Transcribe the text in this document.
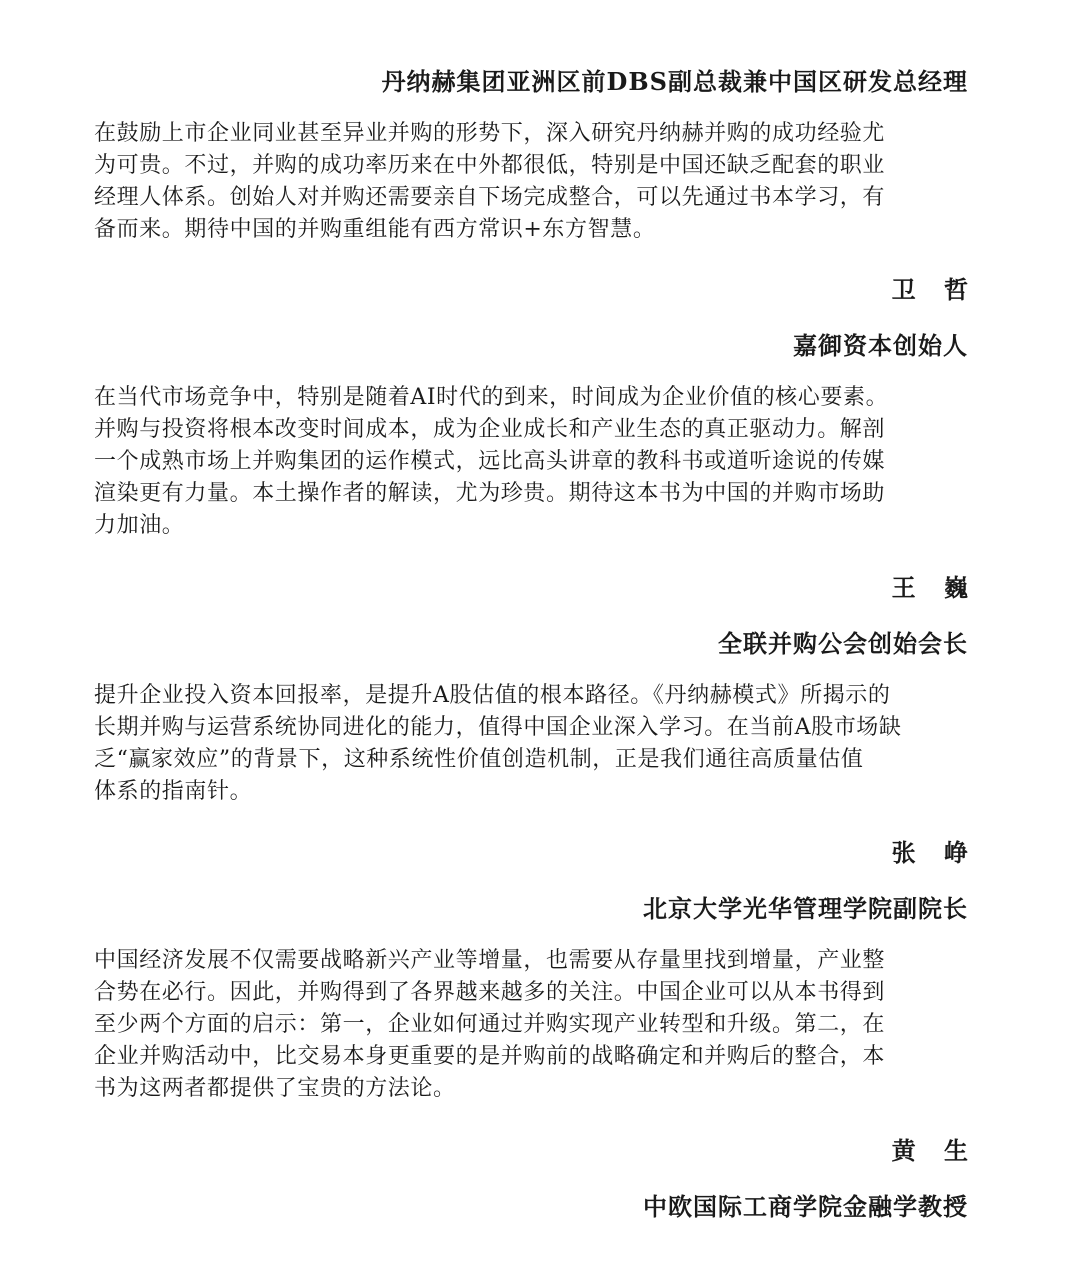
丹纳赫集团亚洲区前DBS副总裁兼中国区研发总经理
在鼓励上市企业同业甚至异业并购的形势下，深入研究丹纳赫并购的成功经验尤
为可贵。不过，并购的成功率历来在中外都很低，特别是中国还缺乏配套的职业
经理人体系。创始人对并购还需要亲自下场完成整合，可以先通过书本学习，有
备而来。期待中国的并购重组能有西方常识+东方智慧。
卫 哲
嘉御资本创始人
在当代市场竞争中，特别是随着AI时代的到来，时间成为企业价值的核心要素。
并购与投资将根本改变时间成本，成为企业成长和产业生态的真正驱动力。解剖
一个成熟市场上并购集团的运作模式，远比高头讲章的教科书或道听途说的传媒
渲染更有力量。本土操作者的解读，尤为珍贵。期待这本书为中国的并购市场助
力加油。
王 巍
全联并购公会创始会长
提升企业投入资本回报率，是提升A股估值的根本路径。《丹纳赫模式》所揭示的
长期并购与运营系统协同进化的能力，值得中国企业深入学习。在当前A股市场缺
乏“赢家效应”的背景下，这种系统性价值创造机制，正是我们通往高质量估值
体系的指南针。
张 峥
北京大学光华管理学院副院长
中国经济发展不仅需要战略新兴产业等增量，也需要从存量里找到增量，产业整
合势在必行。因此，并购得到了各界越来越多的关注。中国企业可以从本书得到
至少两个方面的启示：第一，企业如何通过并购实现产业转型和升级。第二，在
企业并购活动中，比交易本身更重要的是并购前的战略确定和并购后的整合，本
书为这两者都提供了宝贵的方法论。
黄 生
中欧国际工商学院金融学教授
